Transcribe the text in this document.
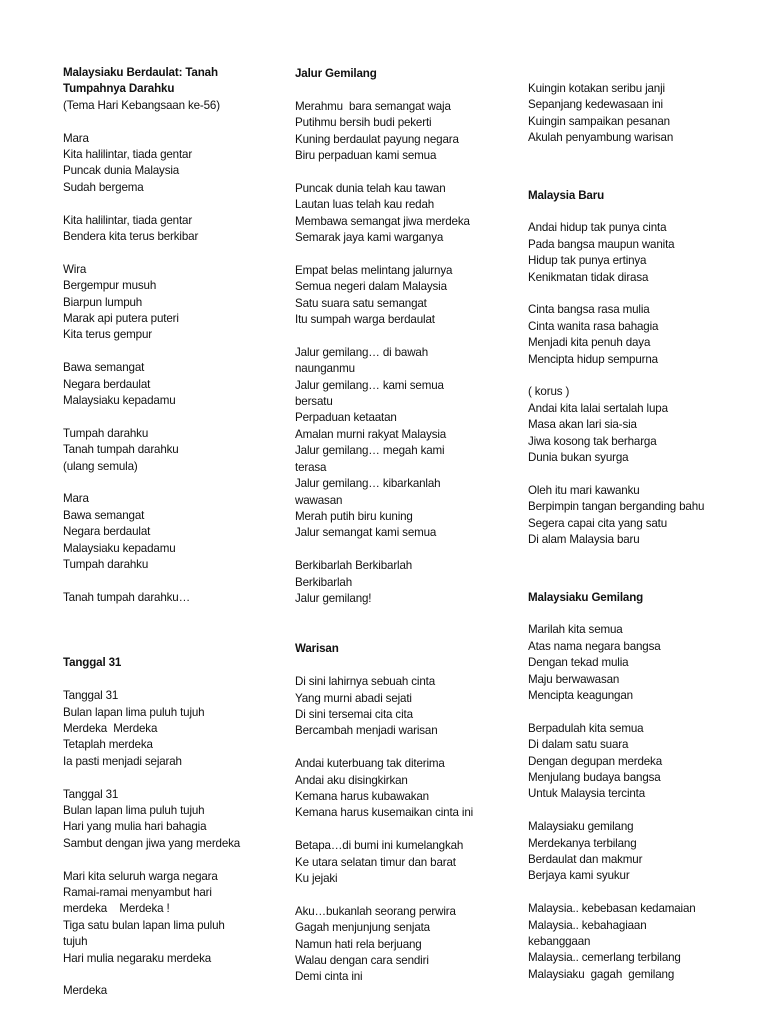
Malaysiaku Berdaulat: Tanah
Tumpahnya Darahku
(Tema Hari Kebangsaan ke-56)
Mara
Kita halilintar, tiada gentar
Puncak dunia Malaysia
Sudah bergema
Kita halilintar, tiada gentar
Bendera kita terus berkibar
Wira
Bergempur musuh
Biarpun lumpuh
Marak api putera puteri
Kita terus gempur
Bawa semangat
Negara berdaulat
Malaysiaku kepadamu
Tumpah darahku
Tanah tumpah darahku
(ulang semula)
Mara
Bawa semangat
Negara berdaulat
Malaysiaku kepadamu
Tumpah darahku
Tanah tumpah darahku…
Tanggal 31
Tanggal 31
Bulan lapan lima puluh tujuh
Merdeka  Merdeka
Tetaplah merdeka
Ia pasti menjadi sejarah
Tanggal 31
Bulan lapan lima puluh tujuh
Hari yang mulia hari bahagia
Sambut dengan jiwa yang merdeka
Mari kita seluruh warga negara
Ramai-ramai menyambut hari
merdeka    Merdeka !
Tiga satu bulan lapan lima puluh
tujuh
Hari mulia negaraku merdeka
Merdeka
Jalur Gemilang
Merahmu  bara semangat waja
Putihmu bersih budi pekerti
Kuning berdaulat payung negara
Biru perpaduan kami semua
Puncak dunia telah kau tawan
Lautan luas telah kau redah
Membawa semangat jiwa merdeka
Semarak jaya kami warganya
Empat belas melintang jalurnya
Semua negeri dalam Malaysia
Satu suara satu semangat
Itu sumpah warga berdaulat
Jalur gemilang… di bawah
naunganmu
Jalur gemilang… kami semua
bersatu
Perpaduan ketaatan
Amalan murni rakyat Malaysia
Jalur gemilang… megah kami
terasa
Jalur gemilang… kibarkanlah
wawasan
Merah putih biru kuning
Jalur semangat kami semua
Berkibarlah Berkibarlah
Berkibarlah
Jalur gemilang!
Warisan
Di sini lahirnya sebuah cinta
Yang murni abadi sejati
Di sini tersemai cita cita
Bercambah menjadi warisan
Andai kuterbuang tak diterima
Andai aku disingkirkan
Kemana harus kubawakan
Kemana harus kusemaikan cinta ini
Betapa…di bumi ini kumelangkah
Ke utara selatan timur dan barat
Ku jejaki
Aku…bukanlah seorang perwira
Gagah menjunjung senjata
Namun hati rela berjuang
Walau dengan cara sendiri
Demi cinta ini
Kuingin kotakan seribu janji
Sepanjang kedewasaan ini
Kuingin sampaikan pesanan
Akulah penyambung warisan
Malaysia Baru
Andai hidup tak punya cinta
Pada bangsa maupun wanita
Hidup tak punya ertinya
Kenikmatan tidak dirasa
Cinta bangsa rasa mulia
Cinta wanita rasa bahagia
Menjadi kita penuh daya
Mencipta hidup sempurna
( korus )
Andai kita lalai sertalah lupa
Masa akan lari sia-sia
Jiwa kosong tak berharga
Dunia bukan syurga
Oleh itu mari kawanku
Berpimpin tangan berganding bahu
Segera capai cita yang satu
Di alam Malaysia baru
Malaysiaku Gemilang
Marilah kita semua
Atas nama negara bangsa
Dengan tekad mulia
Maju berwawasan
Mencipta keagungan
Berpadulah kita semua
Di dalam satu suara
Dengan degupan merdeka
Menjulang budaya bangsa
Untuk Malaysia tercinta
Malaysiaku gemilang
Merdekanya terbilang
Berdaulat dan makmur
Berjaya kami syukur
Malaysia.. kebebasan kedamaian
Malaysia.. kebahagiaan
kebanggaan
Malaysia.. cemerlang terbilang
Malaysiaku  gagah  gemilang
